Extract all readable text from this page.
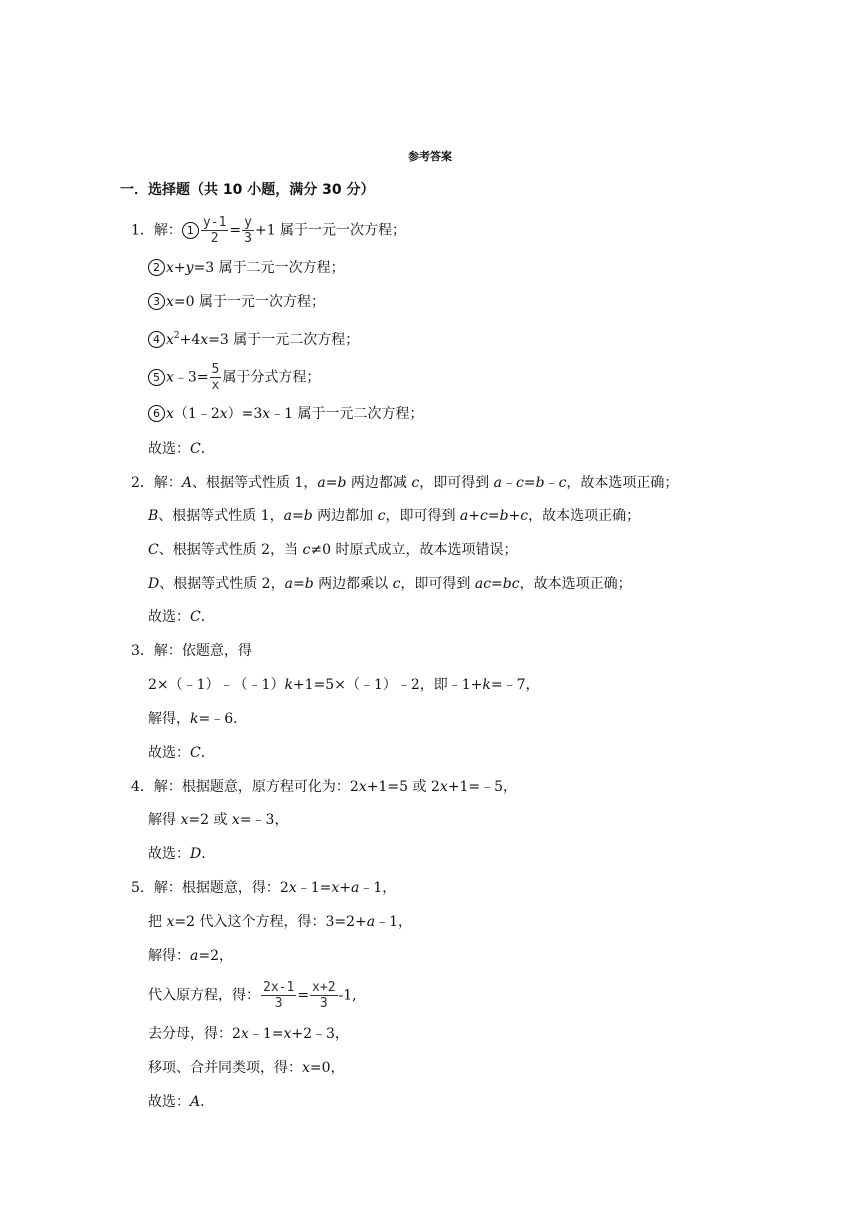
参考答案
一．选择题（共 10 小题，满分 30 分）
1．解： $1 \frac{y-1}{2} = \frac{y}{3} +1$ 属于一元一次方程；
2 x+y=3 属于二元一次方程；
3 x=0 属于一元一次方程；
4 $x^2+4x=3$ 属于一元二次方程；
5 x﹣3= $\frac{5}{x}$ 属于分式方程；
6 x（1﹣2x）=3x﹣1 属于一元二次方程；
故选：C．
2．解：A、根据等式性质 1，a=b 两边都减 c，即可得到 a﹣c=b﹣c，故本选项正确；
B、根据等式性质 1，a=b 两边都加 c，即可得到 a+c=b+c，故本选项正确；
C、根据等式性质 2，当 c≠0 时原式成立，故本选项错误；
D、根据等式性质 2，a=b 两边都乘以 c，即可得到 ac=bc，故本选项正确；
故选：C．
3．解：依题意，得
2×（﹣1）﹣（﹣1）k+1=5×（﹣1）﹣2，即﹣1+k=﹣7，
解得，k=﹣6．
故选：C．
4．解：根据题意，原方程可化为：2x+1=5 或 2x+1=﹣5，
解得 x=2 或 x=﹣3，
故选：D．
5．解：根据题意，得：2x﹣1=x+a﹣1，
把 x=2 代入这个方程，得：3=2+a﹣1，
解得：a=2，
代入原方程，得： $\frac{2x-1}{3} = \frac{x+2}{3} -1$,
去分母，得：2x﹣1=x+2﹣3，
移项、合并同类项，得：x=0，
故选：A．
